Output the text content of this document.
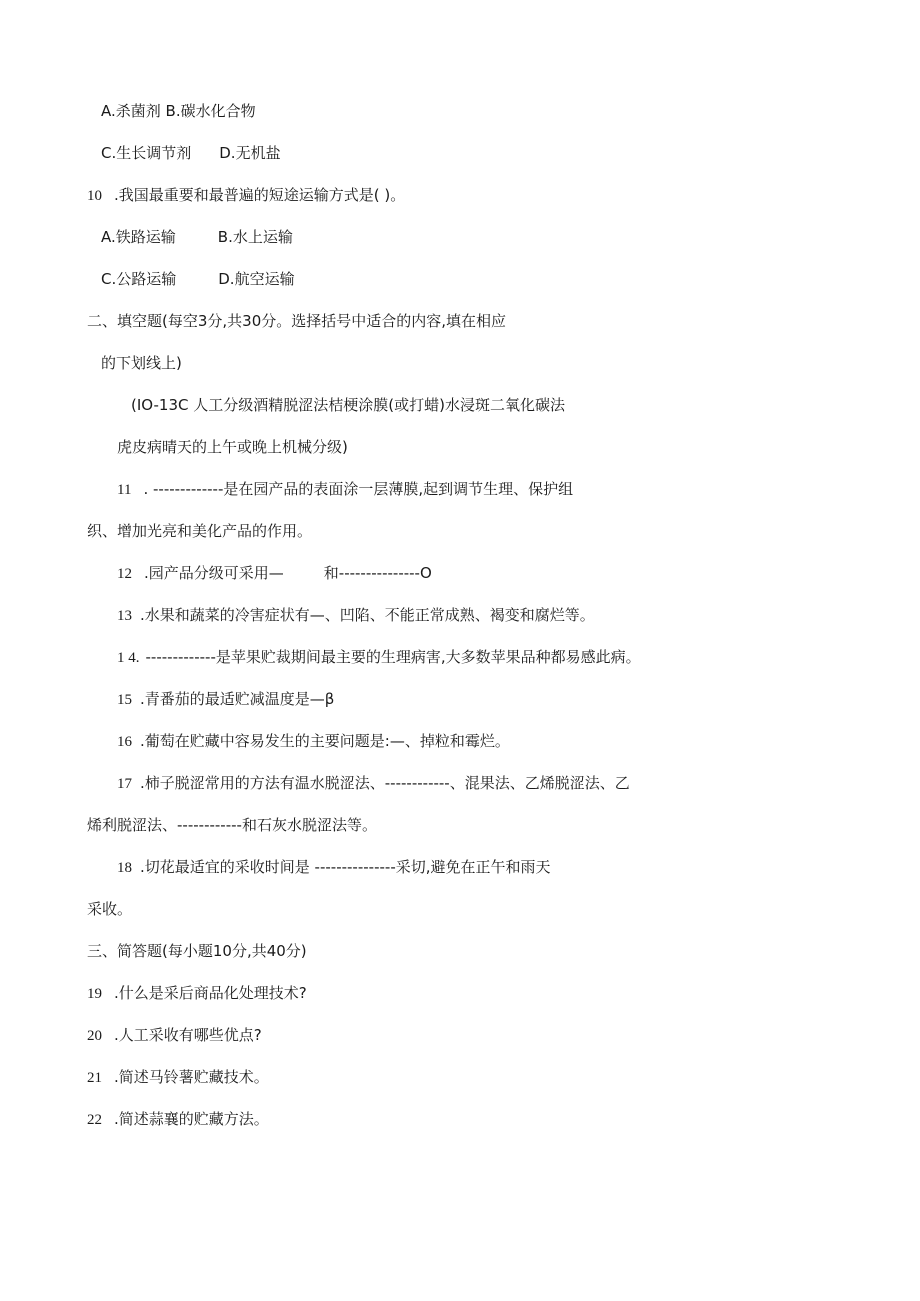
A.杀菌剂 B.碳水化合物
C.生长调节剂 D.无机盐
10 .我国最重要和最普遍的短途运输方式是( )。
A.铁路运输	B.水上运输
C.公路运输	D.航空运输
二、填空题(每空3分,共30分。选择括号中适合的内容,填在相应
的下划线上)
(IO-13C 人工分级酒精脱涩法桔梗涂膜(或打蜡)水浸斑二氧化碳法
虎皮病晴天的上午或晚上机械分级)
11 . -------------是在园产品的表面涂一层薄膜,起到调节生理、保护组
织、增加光亮和美化产品的作用。
12 .园产品分级可采用—	和---------------O
13 .水果和蔬菜的冷害症状有—、凹陷、不能正常成熟、褐变和腐烂等。
1 4. -------------是苹果贮裁期间最主要的生理病害,大多数苹果品种都易感此病。
15 .青番茄的最适贮减温度是—β
16 .葡萄在贮藏中容易发生的主要问题是:—、掉粒和霉烂。
17 .柿子脱涩常用的方法有温水脱涩法、------------、混果法、乙烯脱涩法、乙
烯利脱涩法、------------和石灰水脱涩法等。
18 .切花最适宜的采收时间是 ---------------采切,避免在正午和雨天
采收。
三、简答题(每小题10分,共40分)
19 .什么是采后商品化处理技术?
20 .人工采收有哪些优点?
21 .简述马铃薯贮藏技术。
22 .简述蒜襄的贮藏方法。
